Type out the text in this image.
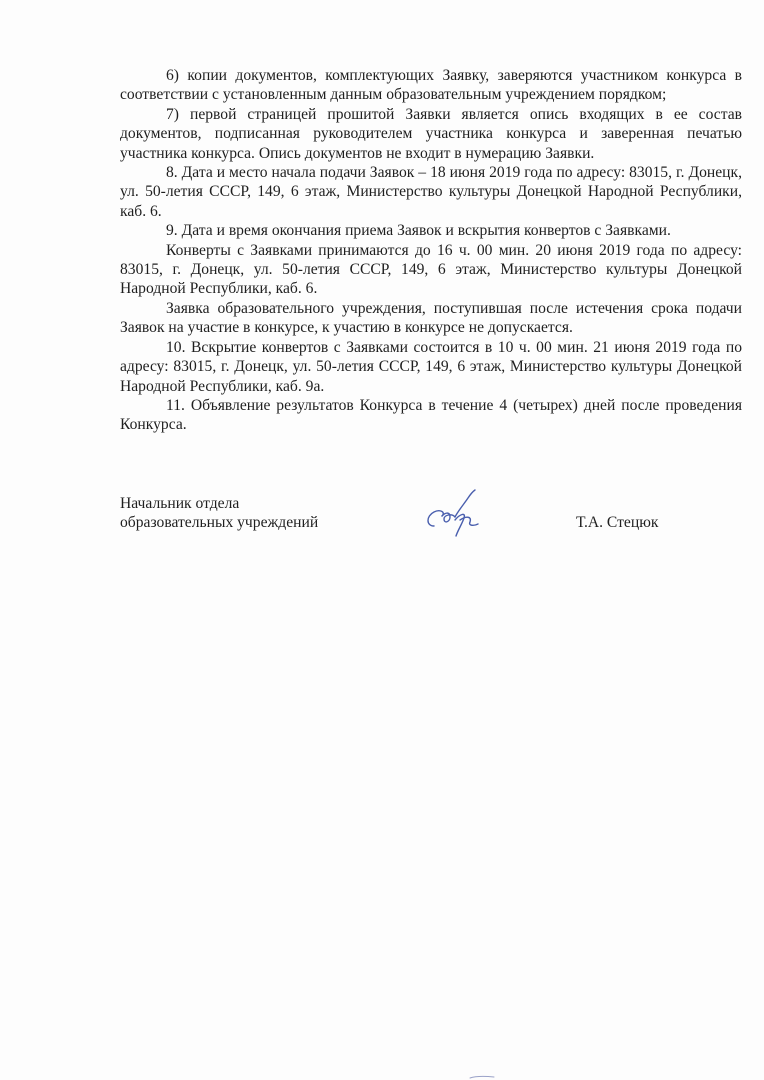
6) копии документов, комплектующих Заявку, заверяются участником конкурса в соответствии с установленным данным образовательным учреждением порядком;

7) первой страницей прошитой Заявки является опись входящих в ее состав документов, подписанная руководителем участника конкурса и заверенная печатью участника конкурса. Опись документов не входит в нумерацию Заявки.

8. Дата и место начала подачи Заявок – 18 июня 2019 года по адресу: 83015, г. Донецк, ул. 50-летия СССР, 149, 6 этаж, Министерство культуры Донецкой Народной Республики, каб. 6.

9. Дата и время окончания приема Заявок и вскрытия конвертов с Заявками.

Конверты с Заявками принимаются до 16 ч. 00 мин. 20 июня 2019 года по адресу: 83015, г. Донецк, ул. 50-летия СССР, 149, 6 этаж, Министерство культуры Донецкой Народной Республики, каб. 6.

Заявка образовательного учреждения, поступившая после истечения срока подачи Заявок на участие в конкурсе, к участию в конкурсе не допускается.

10. Вскрытие конвертов с Заявками состоится в 10 ч. 00 мин. 21 июня 2019 года по адресу: 83015, г. Донецк, ул. 50-летия СССР, 149, 6 этаж, Министерство культуры Донецкой Народной Республики, каб. 9а.

11. Объявление результатов Конкурса в течение 4 (четырех) дней после проведения Конкурса.

Начальник отдела
образовательных учреждений	Т.А. Стецюк
